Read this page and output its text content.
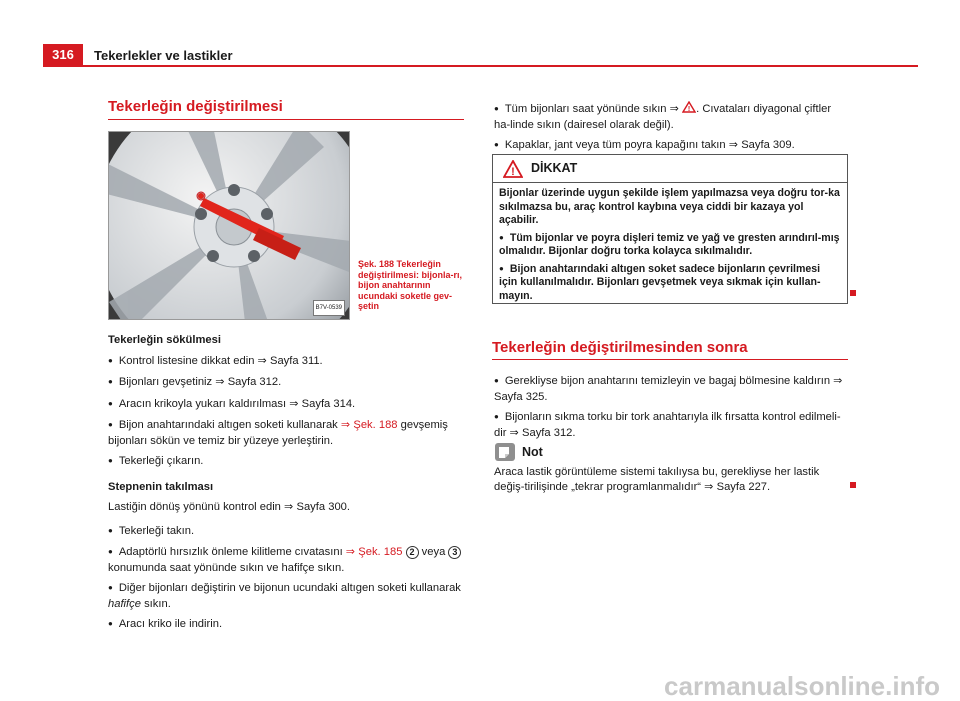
316	Tekerlekler ve lastikler
Tekerleğin değiştirilmesi
B7V-0539
Şek. 188 Tekerleğin değiştirilmesi: bijonla-rı, bijon anahtarının ucundaki soketle gev-şetin

Tekerleğin sökülmesi

● Kontrol listesine dikkat edin ⇒ Sayfa 311.

● Bijonları gevşetiniz ⇒ Sayfa 312.

● Aracın krikoyla yukarı kaldırılması ⇒ Sayfa 314.

● Bijon anahtarındaki altıgen soketi kullanarak ⇒ Şek. 188 gevşemiş bijonları sökün ve temiz bir yüzeye yerleştirin.

● Tekerleği çıkarın.

Stepnenin takılması

Lastiğin dönüş yönünü kontrol edin ⇒ Sayfa 300.

● Tekerleği takın.

● Adaptörlü hırsızlık önleme kilitleme cıvatasını ⇒ Şek. 185 2 veya 3 konumunda saat yönünde sıkın ve hafifçe sıkın.

● Diğer bijonları değiştirin ve bijonun ucundaki altıgen soketi kullanarak hafifçe sıkın.

● Aracı kriko ile indirin.

● Tüm bijonları saat yönünde sıkın ⇒ ! . Cıvataları diyagonal çiftler ha-linde sıkın (dairesel olarak değil).

● Kapaklar, jant veya tüm poyra kapağını takın ⇒ Sayfa 309.

! DİKKAT

Bijonlar üzerinde uygun şekilde işlem yapılmazsa veya doğru tor-ka sıkılmazsa bu, araç kontrol kaybına veya ciddi bir kazaya yol açabilir.

● Tüm bijonlar ve poyra dişleri temiz ve yağ ve gresten arındırıl-mış olmalıdır. Bijonlar doğru torka kolayca sıkılmalıdır.

● Bijon anahtarındaki altıgen soket sadece bijonların çevrilmesi için kullanılmalıdır. Bijonları gevşetmek veya sıkmak için kullan-mayın.

Tekerleğin değiştirilmesinden sonra

● Gerekliyse bijon anahtarını temizleyin ve bagaj bölmesine kaldırın ⇒ Sayfa 325.

● Bijonların sıkma torku bir tork anahtarıyla ilk fırsatta kontrol edilmeli-dir ⇒ Sayfa 312.

Not

Araca lastik görüntüleme sistemi takılıysa bu, gerekliyse her lastik değiş-tirilişinde „tekrar programlanmalıdır“ ⇒ Sayfa 227.

carmanualsonline.info
